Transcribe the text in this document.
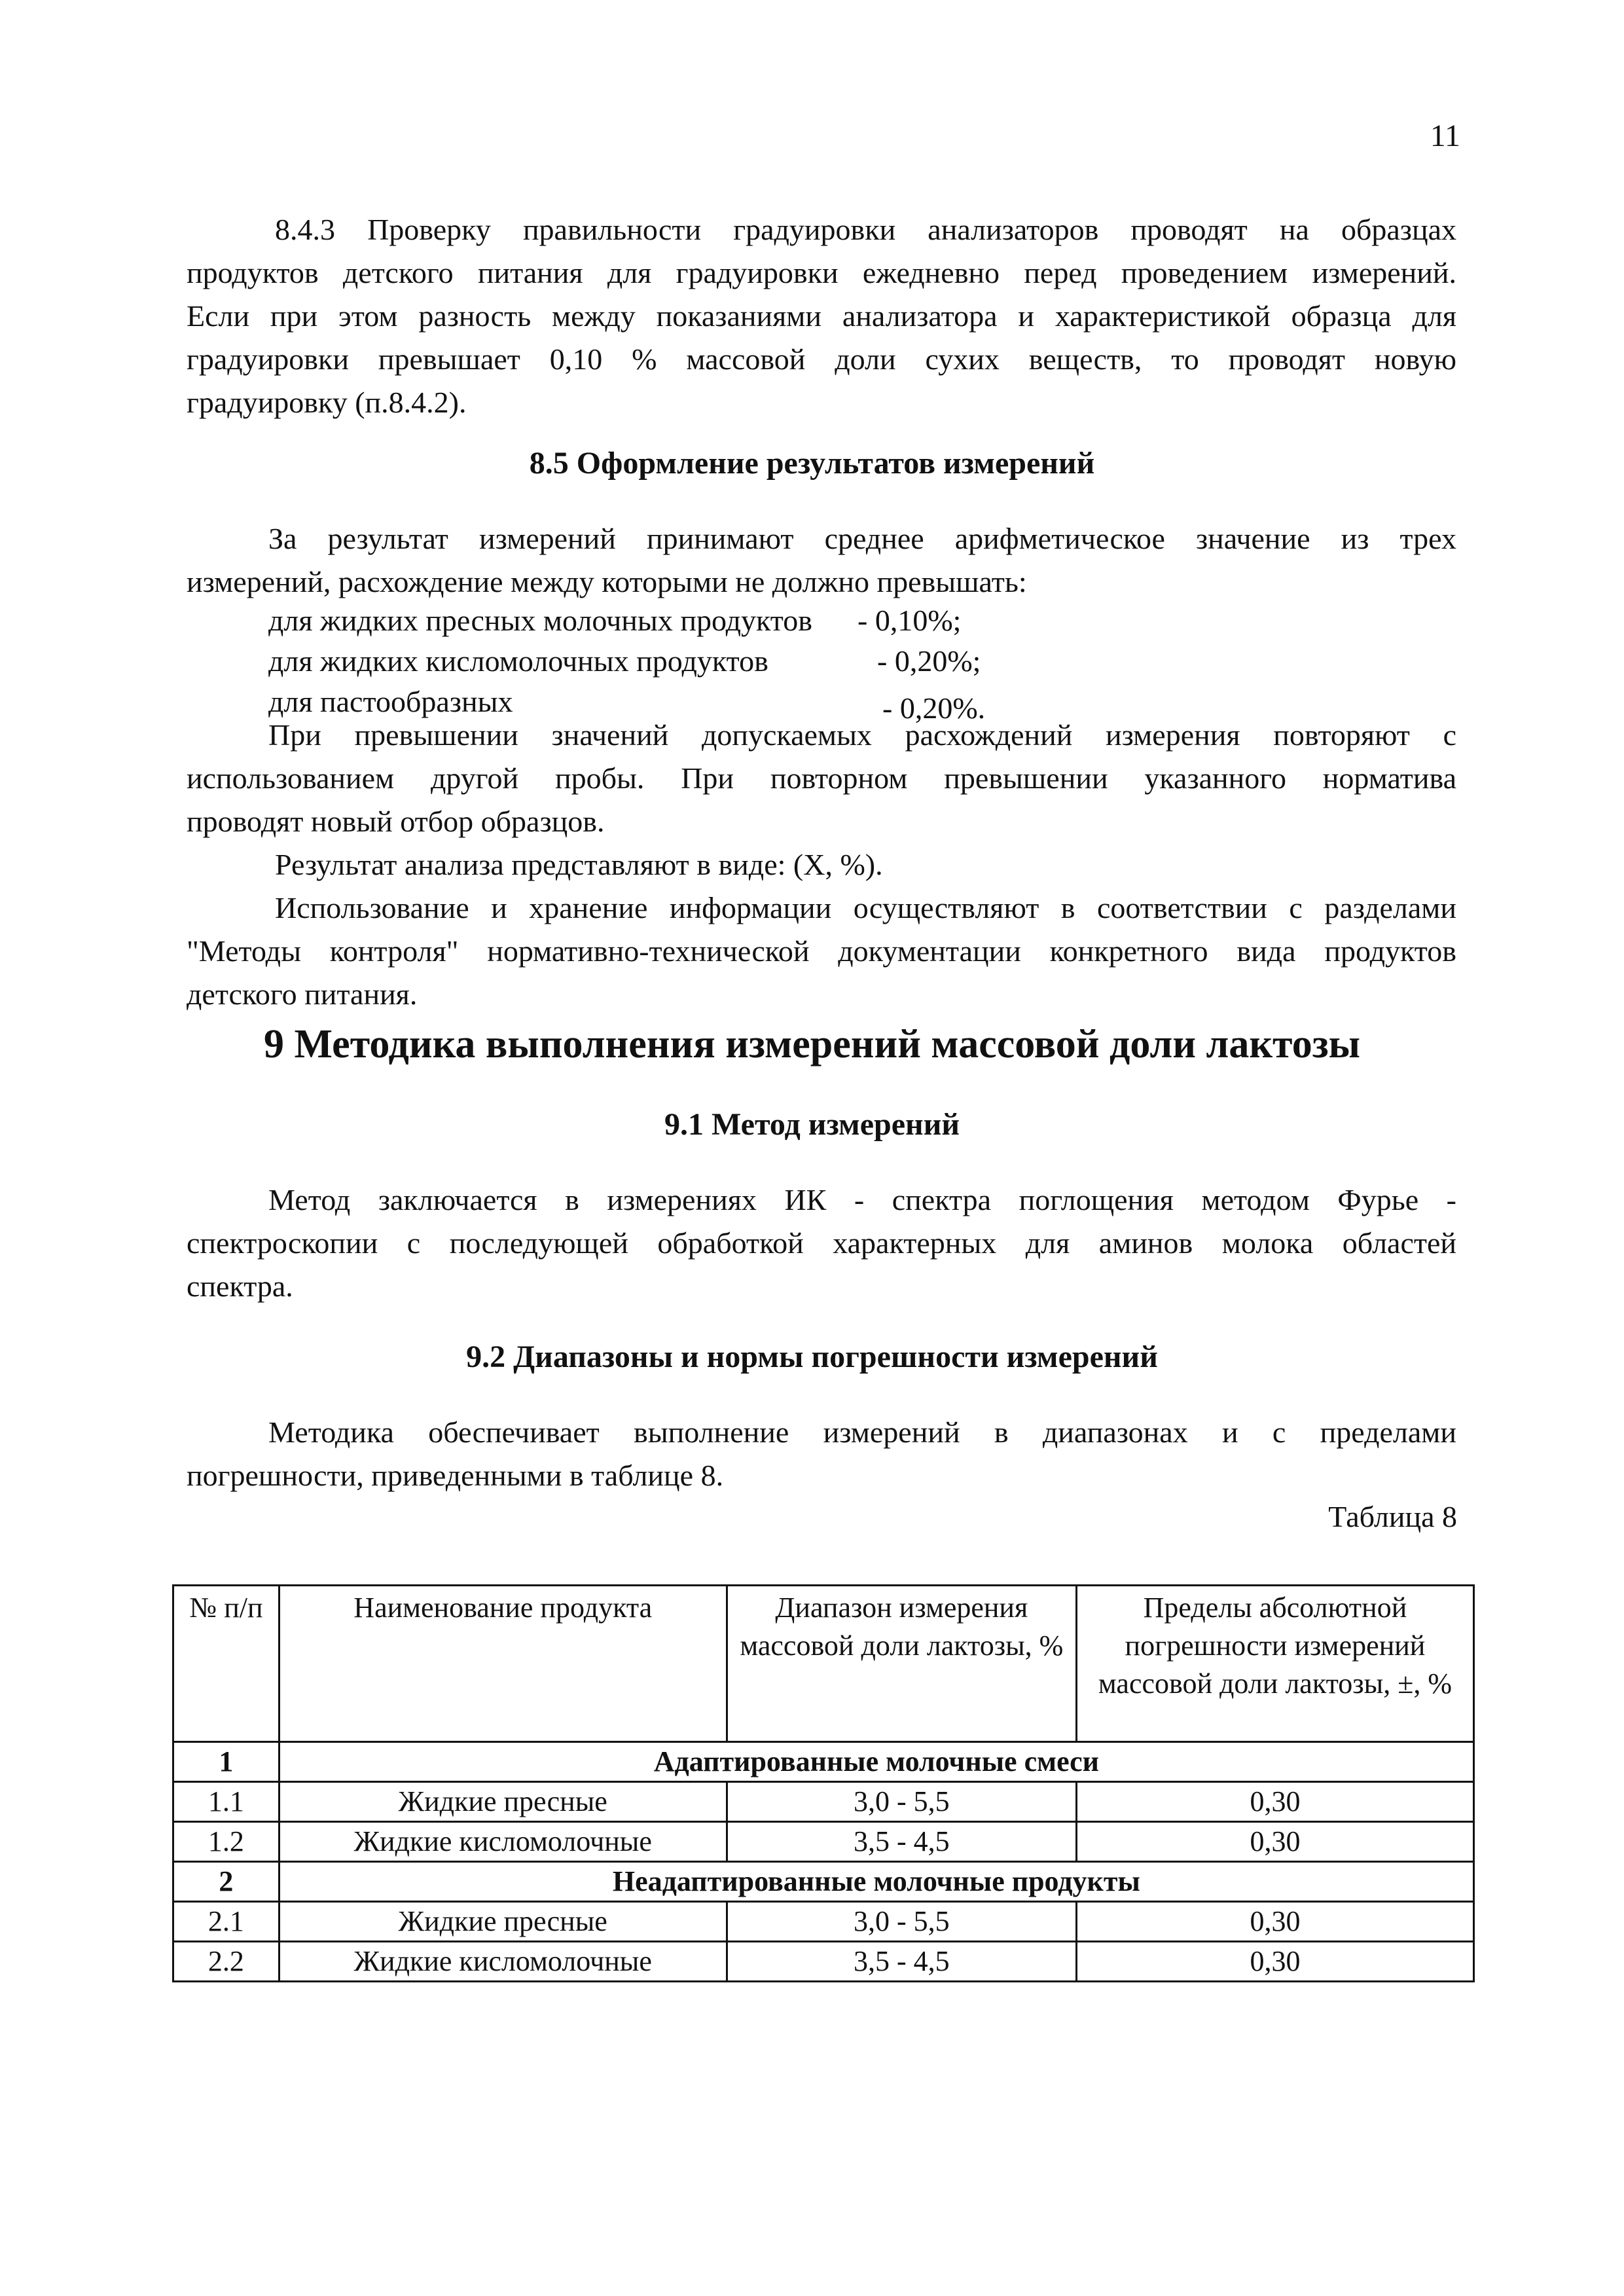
11
8.4.3 Проверку правильности градуировки анализаторов проводят на образцах
продуктов детского питания для градуировки ежедневно перед проведением измерений.
Если при этом разность между показаниями анализатора и характеристикой образца для
градуировки превышает 0,10 % массовой доли сухих веществ, то проводят новую
градуировку (п.8.4.2).
8.5 Оформление результатов измерений
За результат измерений принимают среднее арифметическое значение из трех
измерений, расхождение между которыми не должно превышать:
для жидких пресных молочных продуктов	- 0,10%;
для жидких кисломолочных продуктов	- 0,20%;
для пастообразных	- 0,20%.
При превышении значений допускаемых расхождений измерения повторяют с
использованием другой пробы. При повторном превышении указанного норматива
проводят новый отбор образцов.
Результат анализа представляют в виде: (X, %).
Использование и хранение информации осуществляют в соответствии с разделами
"Методы контроля" нормативно-технической документации конкретного вида продуктов
детского питания.
9 Методика выполнения измерений массовой доли лактозы
9.1 Метод измерений
Метод заключается в измерениях ИК - спектра поглощения методом Фурье -
спектроскопии с последующей обработкой характерных для аминов молока областей
спектра.
9.2 Диапазоны и нормы погрешности измерений
Методика обеспечивает выполнение измерений в диапазонах и с пределами
погрешности, приведенными в таблице 8.
Таблица 8
№ п/п	Наименование продукта	Диапазон измерения массовой доли лактозы, %	Пределы абсолютной погрешности измерений массовой доли лактозы, ±, %
1	Адаптированные молочные смеси		
1.1	Жидкие пресные	3,0 - 5,5	0,30
1.2	Жидкие кисломолочные	3,5 - 4,5	0,30
2	Неадаптированные молочные продукты		
2.1	Жидкие пресные	3,0 - 5,5	0,30
2.2	Жидкие кисломолочные	3,5 - 4,5	0,30
